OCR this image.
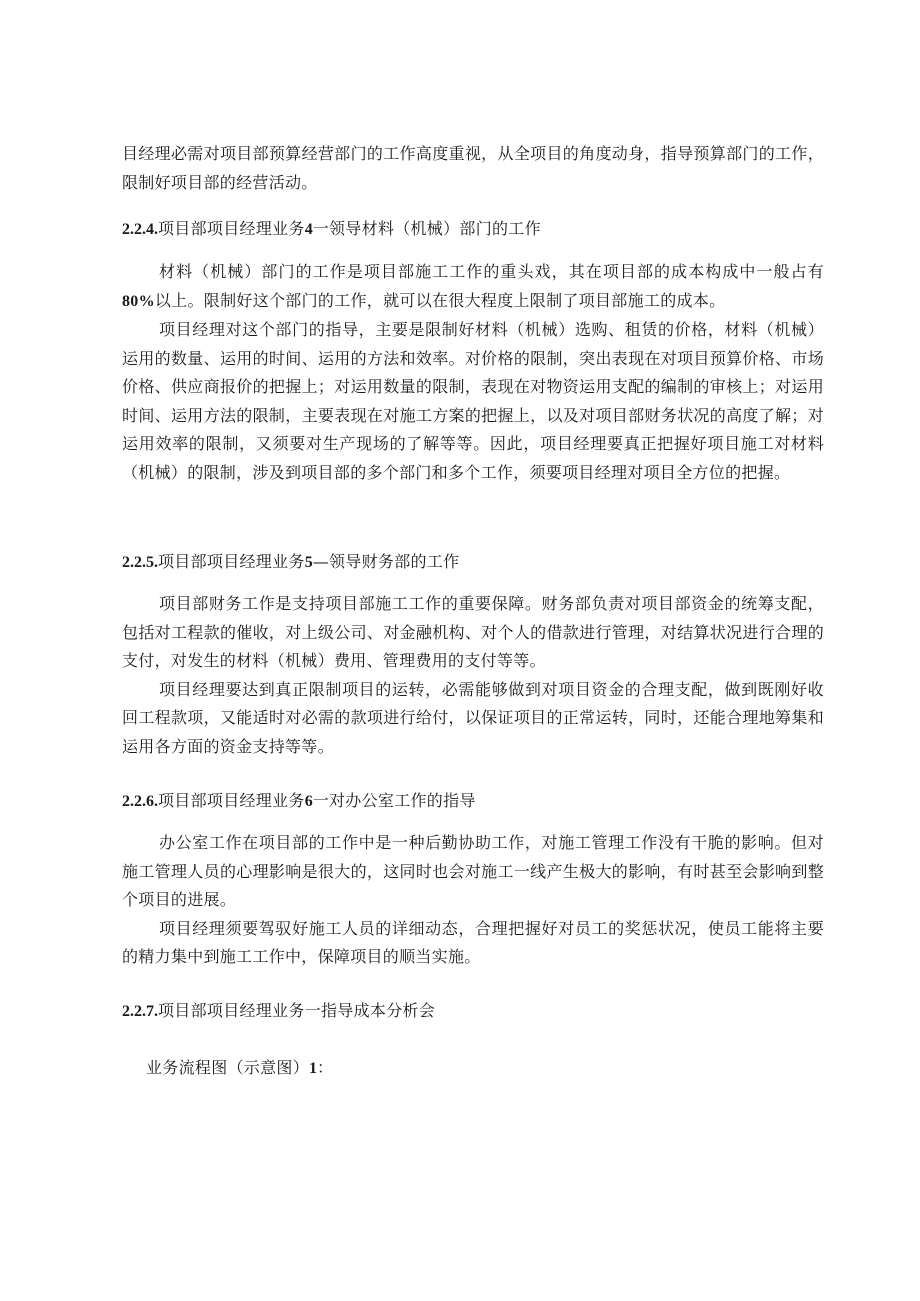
目经理必需对项目部预算经营部门的工作高度重视，从全项目的角度动身，指导预算部门的工作，限制好项目部的经营活动。

2.2.4.项目部项目经理业务4一领导材料（机械）部门的工作

材料（机械）部门的工作是项目部施工工作的重头戏，其在项目部的成本构成中一般占有80%以上。限制好这个部门的工作，就可以在很大程度上限制了项目部施工的成本。

项目经理对这个部门的指导，主要是限制好材料（机械）选购、租赁的价格，材料（机械）运用的数量、运用的时间、运用的方法和效率。对价格的限制，突出表现在对项目预算价格、市场价格、供应商报价的把握上；对运用数量的限制，表现在对物资运用支配的编制的审核上；对运用时间、运用方法的限制，主要表现在对施工方案的把握上，以及对项目部财务状况的高度了解；对运用效率的限制，又须要对生产现场的了解等等。因此，项目经理要真正把握好项目施工对材料（机械）的限制，涉及到项目部的多个部门和多个工作，须要项目经理对项目全方位的把握。

2.2.5.项目部项目经理业务5—领导财务部的工作

项目部财务工作是支持项目部施工工作的重要保障。财务部负责对项目部资金的统筹支配，包括对工程款的催收，对上级公司、对金融机构、对个人的借款进行管理，对结算状况进行合理的支付，对发生的材料（机械）费用、管理费用的支付等等。

项目经理要达到真正限制项目的运转，必需能够做到对项目资金的合理支配，做到既刚好收回工程款项，又能适时对必需的款项进行给付，以保证项目的正常运转，同时，还能合理地筹集和运用各方面的资金支持等等。

2.2.6.项目部项目经理业务6一对办公室工作的指导

办公室工作在项目部的工作中是一种后勤协助工作，对施工管理工作没有干脆的影响。但对施工管理人员的心理影响是很大的，这同时也会对施工一线产生极大的影响，有时甚至会影响到整个项目的进展。

项目经理须要驾驭好施工人员的详细动态，合理把握好对员工的奖惩状况，使员工能将主要的精力集中到施工工作中，保障项目的顺当实施。

2.2.7.项目部项目经理业务一指导成本分析会

业务流程图（示意图）1：
